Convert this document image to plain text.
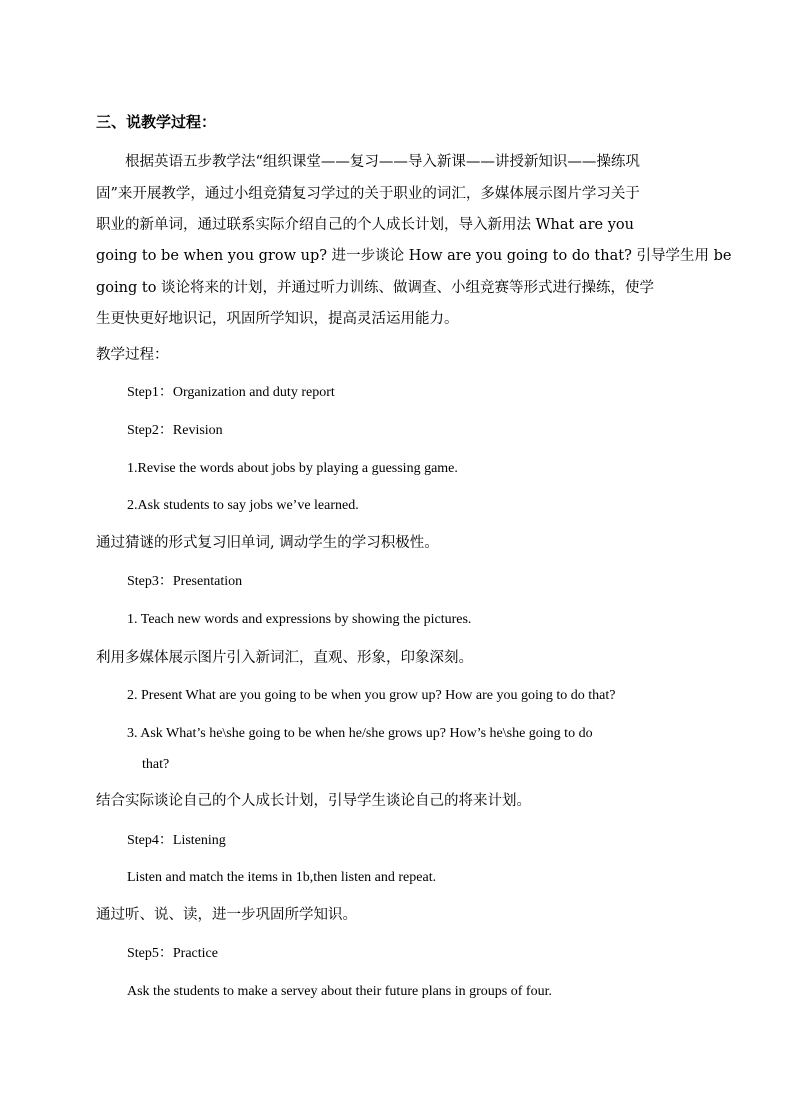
三、说教学过程：
根据英语五步教学法“组织课堂——复习——导入新课——讲授新知识——操练巩
固”来开展教学，通过小组竞猜复习学过的关于职业的词汇，多媒体展示图片学习关于
职业的新单词，通过联系实际介绍自己的个人成长计划，导入新用法 What are you
going to be when you grow up? 进一步谈论 How are you going to do that? 引导学生用 be
going to 谈论将来的计划，并通过听力训练、做调查、小组竞赛等形式进行操练，使学
生更快更好地识记，巩固所学知识，提高灵活运用能力。
教学过程：
Step1：Organization and duty report
Step2：Revision
1.Revise the words about jobs by playing a guessing game.
2.Ask students to say jobs we’ve learned.
通过猜谜的形式复习旧单词, 调动学生的学习积极性。
Step3：Presentation
1. Teach new words and expressions by showing the pictures.
利用多媒体展示图片引入新词汇，直观、形象，印象深刻。
2. Present What are you going to be when you grow up? How are you going to do that?
3. Ask What’s he\she going to be when he/she grows up? How’s he\she going to do
that?
结合实际谈论自己的个人成长计划，引导学生谈论自己的将来计划。
Step4：Listening
Listen and match the items in 1b,then listen and repeat.
通过听、说、读，进一步巩固所学知识。
Step5：Practice
Ask the students to make a servey about their future plans in groups of four.
